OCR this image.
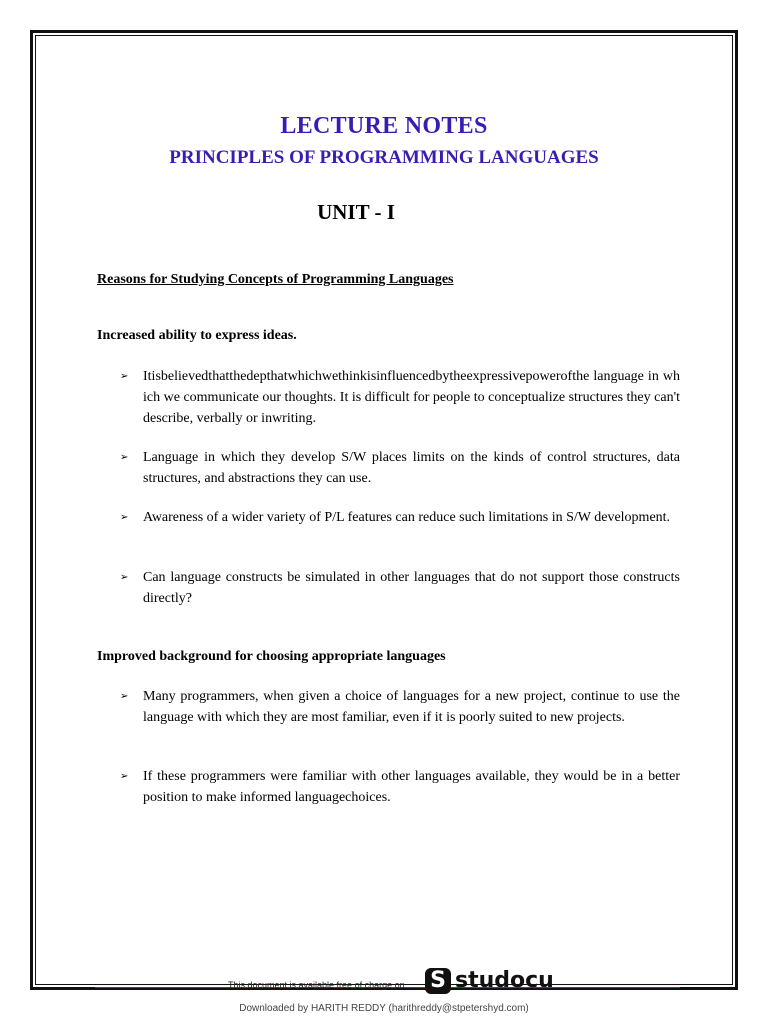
LECTURE NOTES
PRINCIPLES OF PROGRAMMING LANGUAGES
UNIT - I
Reasons for Studying Concepts of Programming Languages
Increased ability to express ideas.
➢	Itisbelievedthatthedepthatwhichwethinkisinfluencedbytheexpressivepowerofthe language in which we communicate our thoughts. It is difficult for people to conceptualize structures they can't describe, verbally or inwriting.
➢	Language in which they develop S/W places limits on the kinds of control structures, data structures, and abstractions they can use.
➢	Awareness of a wider variety of P/L features can reduce such limitations in S/W development.
➢	Can language constructs be simulated in other languages that do not support those constructs directly?
Improved background for choosing appropriate languages
➢	Many programmers, when given a choice of languages for a new project, continue to use the language with which they are most familiar, even if it is poorly suited to new projects.
➢	If these programmers were familiar with other languages available, they would be in a better position to make informed languagechoices.
This document is available free of charge on S studocu
Downloaded by HARITH REDDY (harithreddy@stpetershyd.com)
